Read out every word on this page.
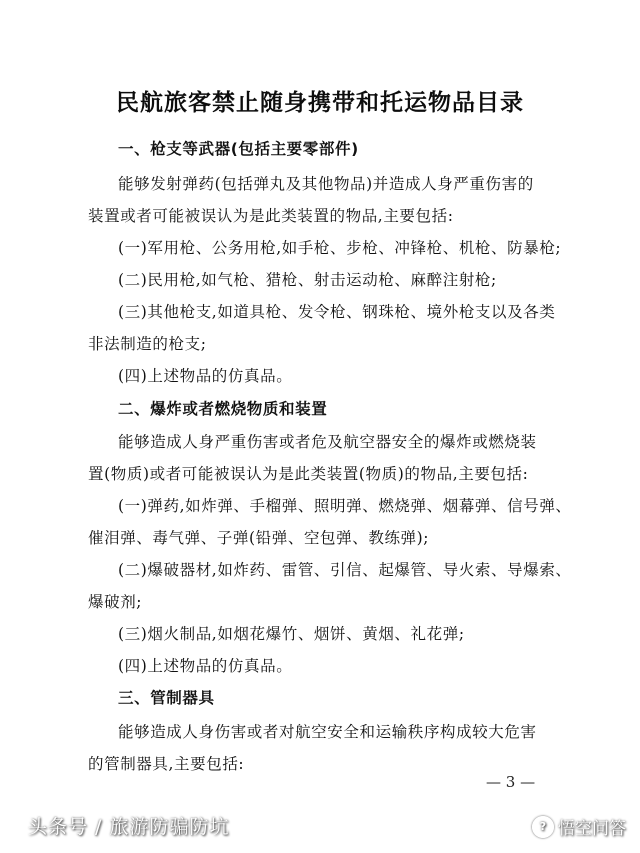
民航旅客禁止随身携带和托运物品目录
一、枪支等武器(包括主要零部件)
能够发射弹药(包括弹丸及其他物品)并造成人身严重伤害的
装置或者可能被误认为是此类装置的物品,主要包括:
(一)军用枪、公务用枪,如手枪、步枪、冲锋枪、机枪、防暴枪;
(二)民用枪,如气枪、猎枪、射击运动枪、麻醉注射枪;
(三)其他枪支,如道具枪、发令枪、钢珠枪、境外枪支以及各类
非法制造的枪支;
(四)上述物品的仿真品。
二、爆炸或者燃烧物质和装置
能够造成人身严重伤害或者危及航空器安全的爆炸或燃烧装
置(物质)或者可能被误认为是此类装置(物质)的物品,主要包括:
(一)弹药,如炸弹、手榴弹、照明弹、燃烧弹、烟幕弹、信号弹、
催泪弹、毒气弹、子弹(铅弹、空包弹、教练弹);
(二)爆破器材,如炸药、雷管、引信、起爆管、导火索、导爆索、
爆破剂;
(三)烟火制品,如烟花爆竹、烟饼、黄烟、礼花弹;
(四)上述物品的仿真品。
三、管制器具
能够造成人身伤害或者对航空安全和运输秩序构成较大危害
的管制器具,主要包括:
— 3 —
头条号 / 旅游防骗防坑	? 悟空问答
